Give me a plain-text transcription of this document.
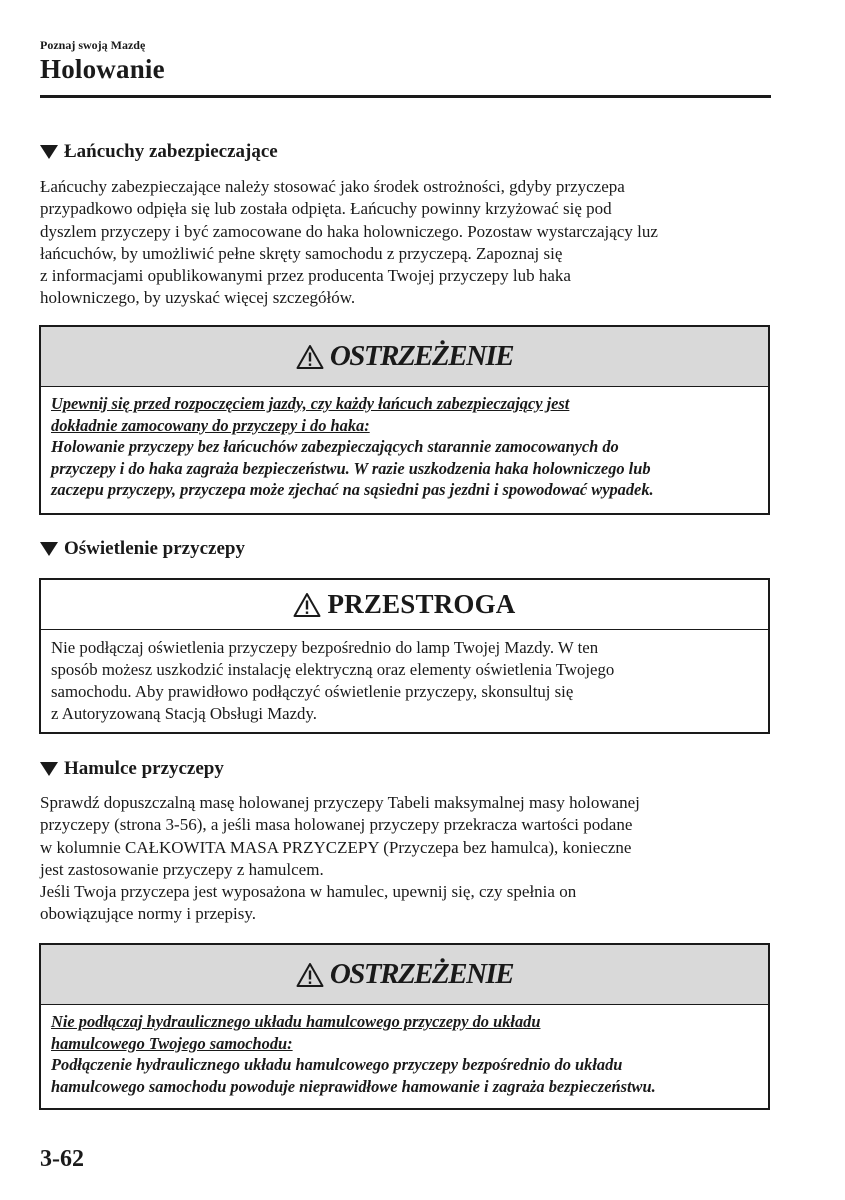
Poznaj swoją Mazdę
Holowanie
Łańcuchy zabezpieczające
Łańcuchy zabezpieczające należy stosować jako środek ostrożności, gdyby przyczepa
przypadkowo odpięła się lub została odpięta. Łańcuchy powinny krzyżować się pod
dyszlem przyczepy i być zamocowane do haka holowniczego. Pozostaw wystarczający luz
łańcuchów, by umożliwić pełne skręty samochodu z przyczepą. Zapoznaj się
z informacjami opublikowanymi przez producenta Twojej przyczepy lub haka
holowniczego, by uzyskać więcej szczegółów.
OSTRZEŻENIE
Upewnij się przed rozpoczęciem jazdy, czy każdy łańcuch zabezpieczający jest
dokładnie zamocowany do przyczepy i do haka:
Holowanie przyczepy bez łańcuchów zabezpieczających starannie zamocowanych do
przyczepy i do haka zagraża bezpieczeństwu. W razie uszkodzenia haka holowniczego lub
zaczepu przyczepy, przyczepa może zjechać na sąsiedni pas jezdni i spowodować wypadek.
Oświetlenie przyczepy
PRZESTROGA
Nie podłączaj oświetlenia przyczepy bezpośrednio do lamp Twojej Mazdy. W ten
sposób możesz uszkodzić instalację elektryczną oraz elementy oświetlenia Twojego
samochodu. Aby prawidłowo podłączyć oświetlenie przyczepy, skonsultuj się
z Autoryzowaną Stacją Obsługi Mazdy.
Hamulce przyczepy
Sprawdź dopuszczalną masę holowanej przyczepy Tabeli maksymalnej masy holowanej
przyczepy (strona 3-56), a jeśli masa holowanej przyczepy przekracza wartości podane
w kolumnie CAŁKOWITA MASA PRZYCZEPY (Przyczepa bez hamulca), konieczne
jest zastosowanie przyczepy z hamulcem.
Jeśli Twoja przyczepa jest wyposażona w hamulec, upewnij się, czy spełnia on
obowiązujące normy i przepisy.
OSTRZEŻENIE
Nie podłączaj hydraulicznego układu hamulcowego przyczepy do układu
hamulcowego Twojego samochodu:
Podłączenie hydraulicznego układu hamulcowego przyczepy bezpośrednio do układu
hamulcowego samochodu powoduje nieprawidłowe hamowanie i zagraża bezpieczeństwu.
3-62
